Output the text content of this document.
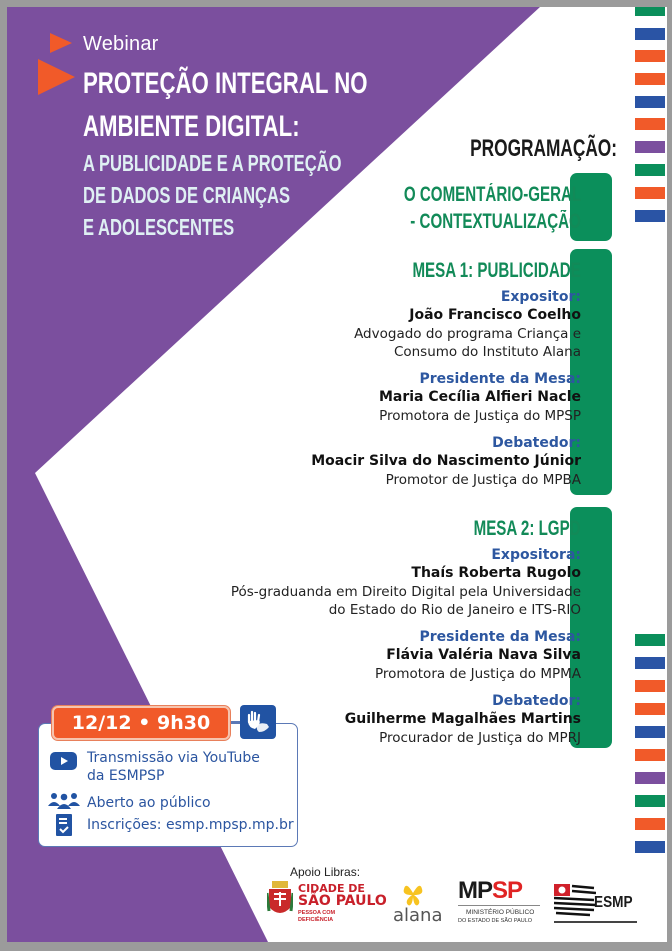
Webinar
PROTEÇÃO INTEGRAL NO
AMBIENTE DIGITAL:
A PUBLICIDADE E A PROTEÇÃO
DE DADOS DE CRIANÇAS
E ADOLESCENTES
PROGRAMAÇÃO:
O COMENTÁRIO-GERAL
- CONTEXTUALIZAÇÃO
MESA 1: PUBLICIDADE
Expositor:
João Francisco Coelho
Advogado do programa Criança e
Consumo do Instituto Alana
Presidente da Mesa:
Maria Cecília Alfieri Nacle
Promotora de Justiça do MPSP
Debatedor:
Moacir Silva do Nascimento Júnior
Promotor de Justiça do MPBA
MESA 2: LGPD
Expositora:
Thaís Roberta Rugolo
Pós-graduanda em Direito Digital pela Universidade
do Estado do Rio de Janeiro e ITS-RIO
Presidente da Mesa:
Flávia Valéria Nava Silva
Promotora de Justiça do MPMA
Debatedor:
Guilherme Magalhães Martins
Procurador de Justiça do MPRJ
12/12 • 9h30
Transmissão via YouTube
da ESMPSP
Aberto ao público
Inscrições: esmp.mpsp.mp.br
Apoio Libras:
CIDADE DE
SÃO PAULO
PESSOA COM
DEFICIÊNCIA	alana
MPSP
MINISTÉRIO PÚBLICO
DO ESTADO DE SÃO PAULO
ESMP
